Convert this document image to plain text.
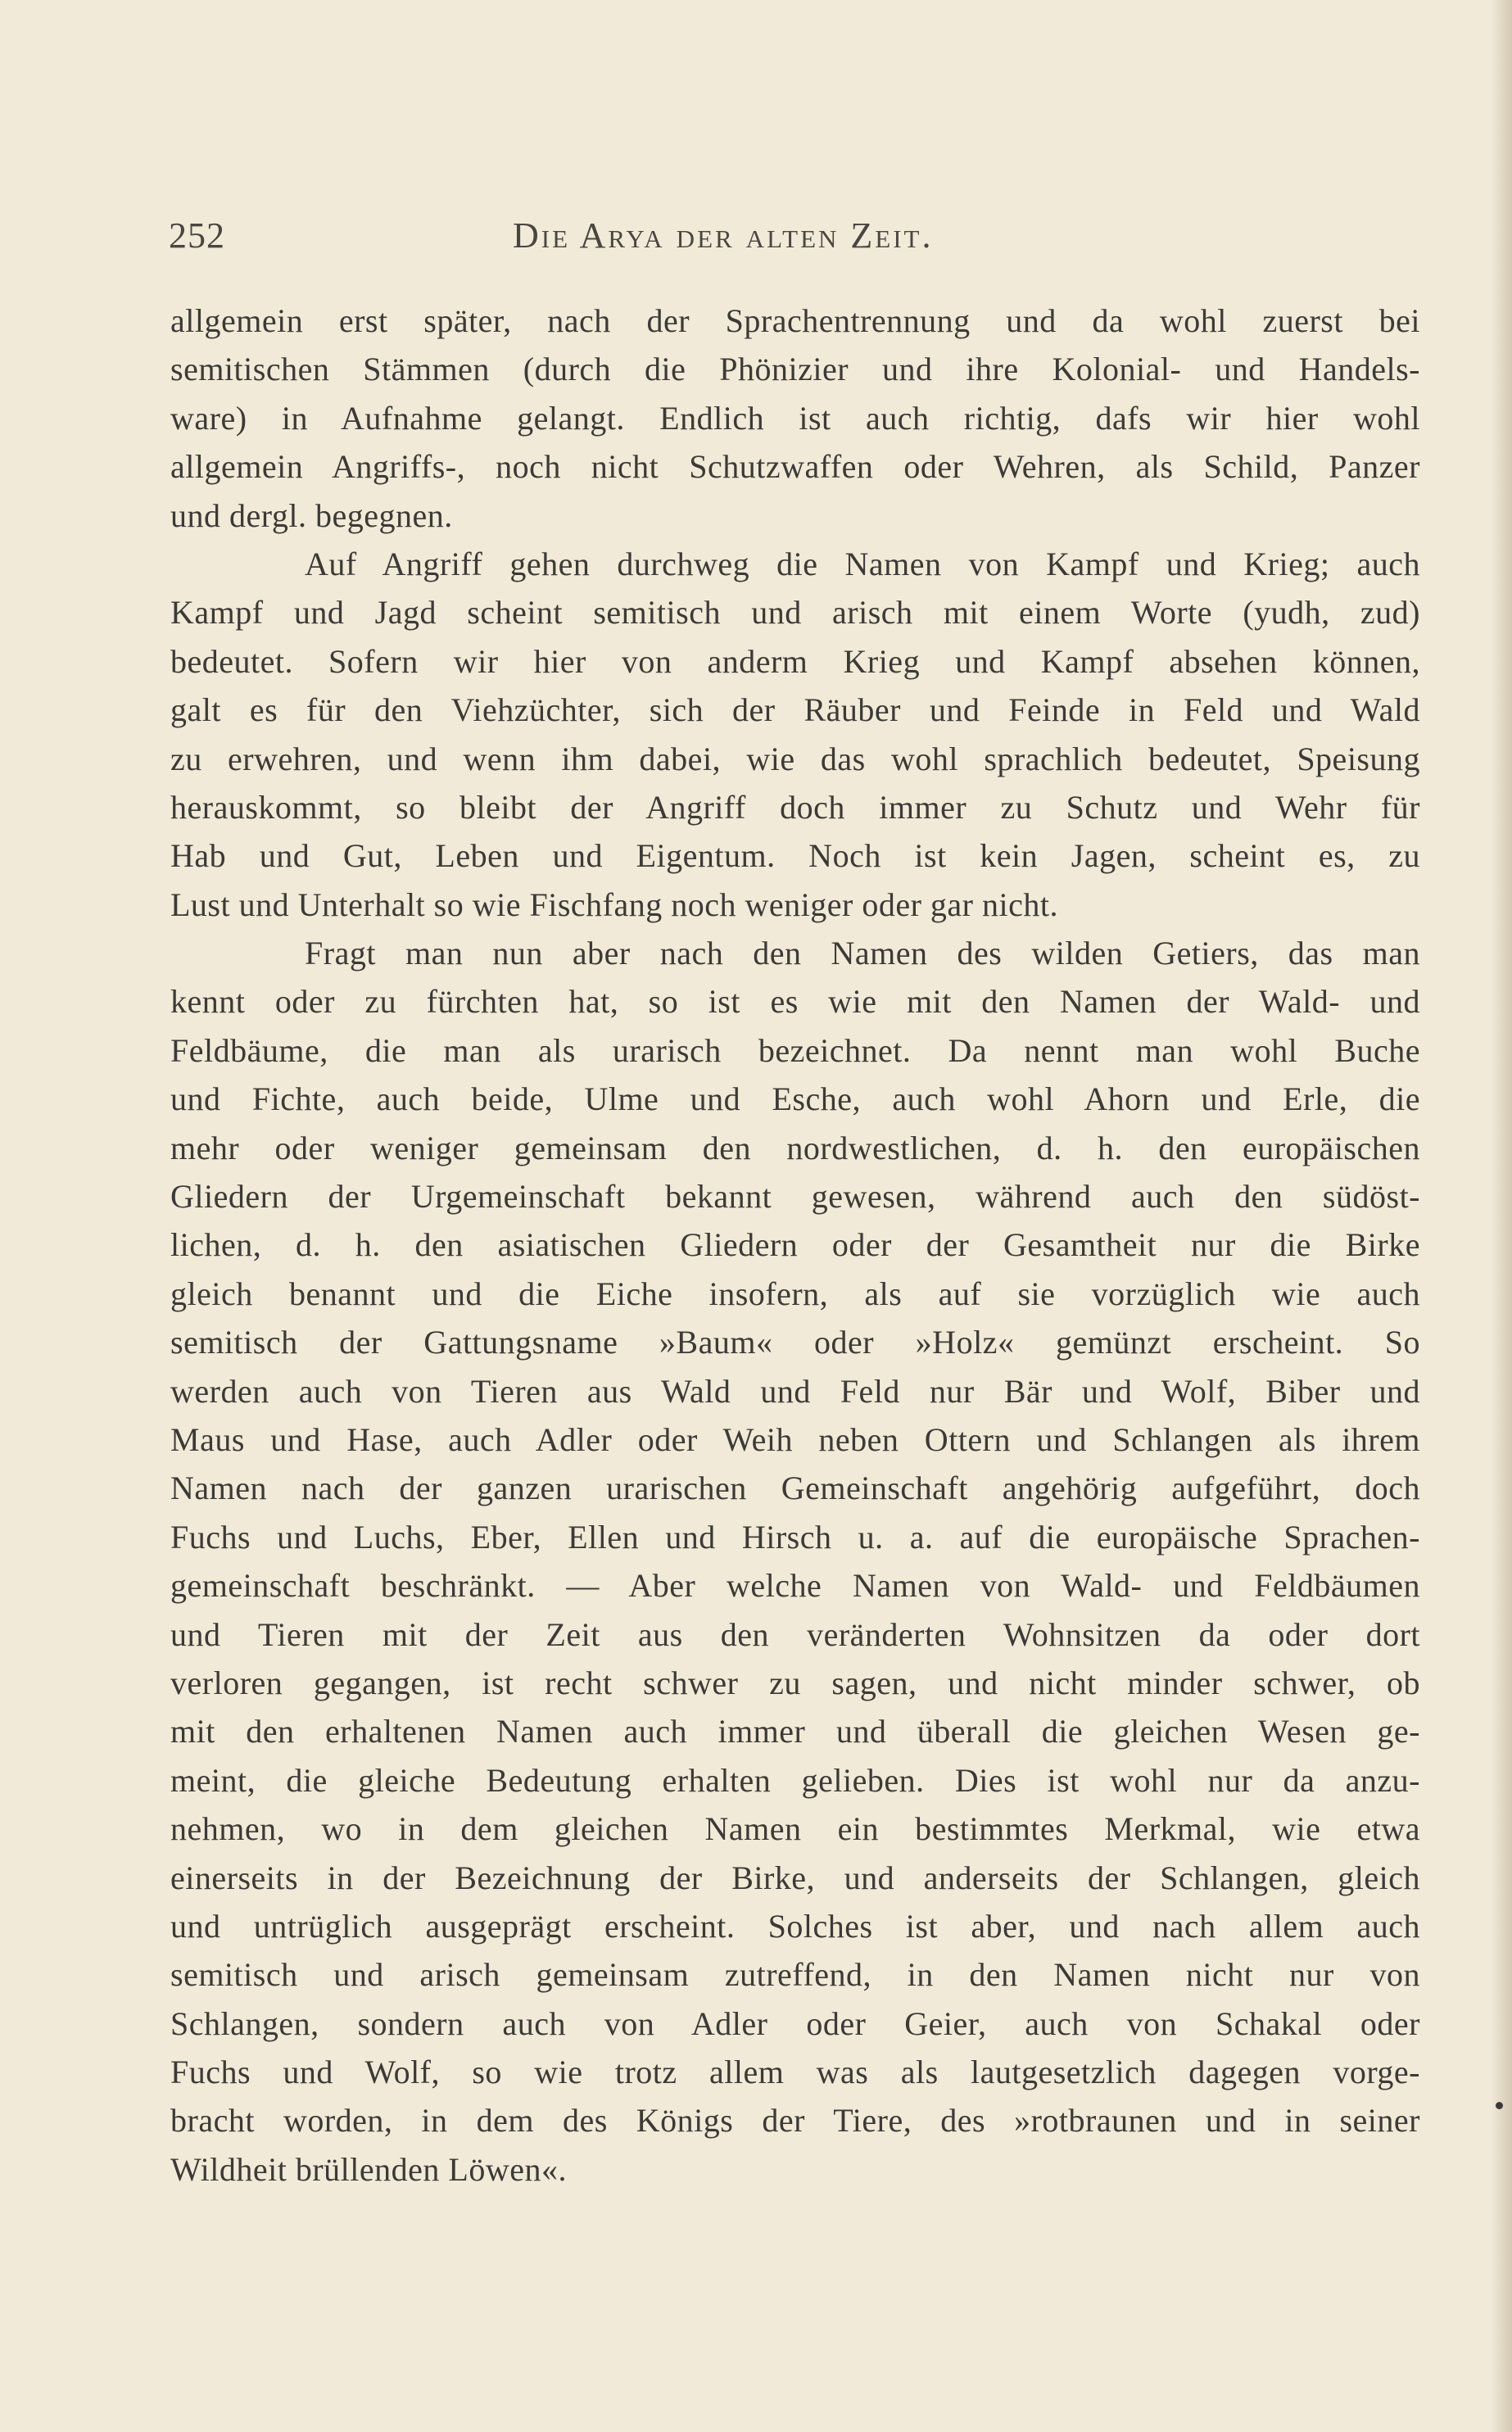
252	Die Arya der alten Zeit.
allgemein erst später, nach der Sprachentrennung und da wohl zuerst bei
semitischen Stämmen (durch die Phönizier und ihre Kolonial- und Handels-
ware) in Aufnahme gelangt. Endlich ist auch richtig, dafs wir hier wohl
allgemein Angriffs-, noch nicht Schutzwaffen oder Wehren, als Schild, Panzer
und dergl. begegnen.
Auf Angriff gehen durchweg die Namen von Kampf und Krieg; auch
Kampf und Jagd scheint semitisch und arisch mit einem Worte (yudh, zud)
bedeutet. Sofern wir hier von anderm Krieg und Kampf absehen können,
galt es für den Viehzüchter, sich der Räuber und Feinde in Feld und Wald
zu erwehren, und wenn ihm dabei, wie das wohl sprachlich bedeutet, Speisung
herauskommt, so bleibt der Angriff doch immer zu Schutz und Wehr für
Hab und Gut, Leben und Eigentum. Noch ist kein Jagen, scheint es, zu
Lust und Unterhalt so wie Fischfang noch weniger oder gar nicht.
Fragt man nun aber nach den Namen des wilden Getiers, das man
kennt oder zu fürchten hat, so ist es wie mit den Namen der Wald- und
Feldbäume, die man als urarisch bezeichnet. Da nennt man wohl Buche
und Fichte, auch beide, Ulme und Esche, auch wohl Ahorn und Erle, die
mehr oder weniger gemeinsam den nordwestlichen, d. h. den europäischen
Gliedern der Urgemeinschaft bekannt gewesen, während auch den südöst-
lichen, d. h. den asiatischen Gliedern oder der Gesamtheit nur die Birke
gleich benannt und die Eiche insofern, als auf sie vorzüglich wie auch
semitisch der Gattungsname »Baum« oder »Holz« gemünzt erscheint. So
werden auch von Tieren aus Wald und Feld nur Bär und Wolf, Biber und
Maus und Hase, auch Adler oder Weih neben Ottern und Schlangen als ihrem
Namen nach der ganzen urarischen Gemeinschaft angehörig aufgeführt, doch
Fuchs und Luchs, Eber, Ellen und Hirsch u. a. auf die europäische Sprachen-
gemeinschaft beschränkt. — Aber welche Namen von Wald- und Feldbäumen
und Tieren mit der Zeit aus den veränderten Wohnsitzen da oder dort
verloren gegangen, ist recht schwer zu sagen, und nicht minder schwer, ob
mit den erhaltenen Namen auch immer und überall die gleichen Wesen ge-
meint, die gleiche Bedeutung erhalten gelieben. Dies ist wohl nur da anzu-
nehmen, wo in dem gleichen Namen ein bestimmtes Merkmal, wie etwa
einerseits in der Bezeichnung der Birke, und anderseits der Schlangen, gleich
und untrüglich ausgeprägt erscheint. Solches ist aber, und nach allem auch
semitisch und arisch gemeinsam zutreffend, in den Namen nicht nur von
Schlangen, sondern auch von Adler oder Geier, auch von Schakal oder
Fuchs und Wolf, so wie trotz allem was als lautgesetzlich dagegen vorge-
bracht worden, in dem des Königs der Tiere, des »rotbraunen und in seiner
Wildheit brüllenden Löwen«.
